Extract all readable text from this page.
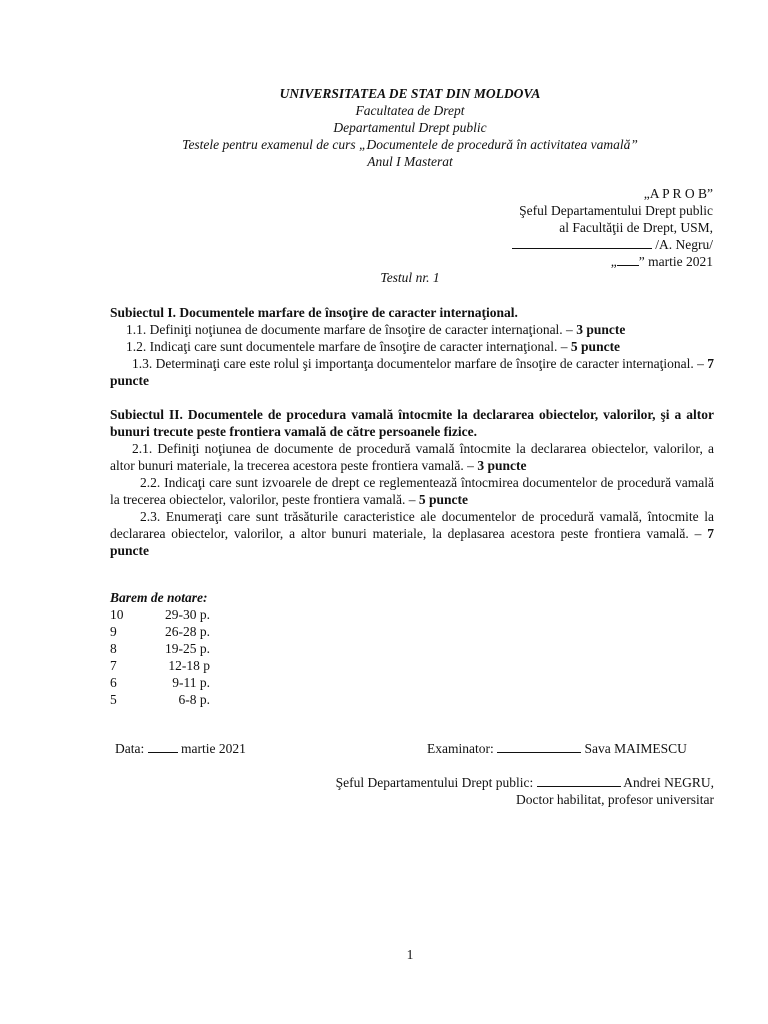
UNIVERSITATEA DE STAT DIN MOLDOVA
Facultatea de Drept
Departamentul Drept public
Testele pentru examenul de curs „Documentele de procedură în activitatea vamală”
Anul I Masterat
„A P R O B”
Şeful Departamentului Drept public
al Facultăţii de Drept, USM,
/A. Negru/
„ ” martie 2021
Testul nr. 1
Subiectul I. Documentele marfare de însoţire de caracter internaţional.
1.1. Definiţi noţiunea de documente marfare de însoţire de caracter internaţional. – 3 puncte
1.2. Indicaţi care sunt documentele marfare de însoţire de caracter internaţional. – 5 puncte
1.3. Determinaţi care este rolul şi importanţa documentelor marfare de însoţire de caracter internaţional. – 7 puncte
Subiectul II. Documentele de procedura vamală întocmite la declararea obiectelor, valorilor, şi a altor bunuri trecute peste frontiera vamală de către persoanele fizice.
2.1. Definiţi noţiunea de documente de procedură vamală întocmite la declararea obiectelor, valorilor, a altor bunuri materiale, la trecerea acestora peste frontiera vamală. – 3 puncte
2.2. Indicaţi care sunt izvoarele de drept ce reglementează întocmirea documentelor de procedură vamală la trecerea obiectelor, valorilor, peste frontiera vamală. – 5 puncte
2.3. Enumeraţi care sunt trăsăturile caracteristice ale documentelor de procedură vamală, întocmite la declararea obiectelor, valorilor, a altor bunuri materiale, la deplasarea acestora peste frontiera vamală. – 7 puncte
Barem de notare:
10	29-30 p.
9	26-28 p.
8	19-25 p.
7	12-18 p
6	9-11 p.
5	6-8 p.
Data:  martie 2021	Examinator:	Sava MAIMESCU
Şeful Departamentului Drept public:	Andrei NEGRU,
Doctor habilitat, profesor universitar
1
